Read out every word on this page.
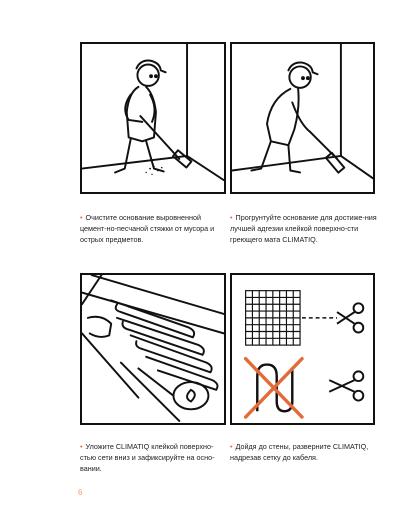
• Очистите основание выровненной цемент-но-песчаной стяжки от мусора и острых предметов.
• Прогрунтуйте основание для достиже-ния лучшей адгезии клейкой поверхно-сти греющего мата CLIMATIQ.
• Уложите CLIMATIQ клейкой поверхно-стью сети вниз и зафиксируйте на осно-вании.
• Дойдя до стены, разверните CLIMATIQ, надрезав сетку до кабеля.
6
